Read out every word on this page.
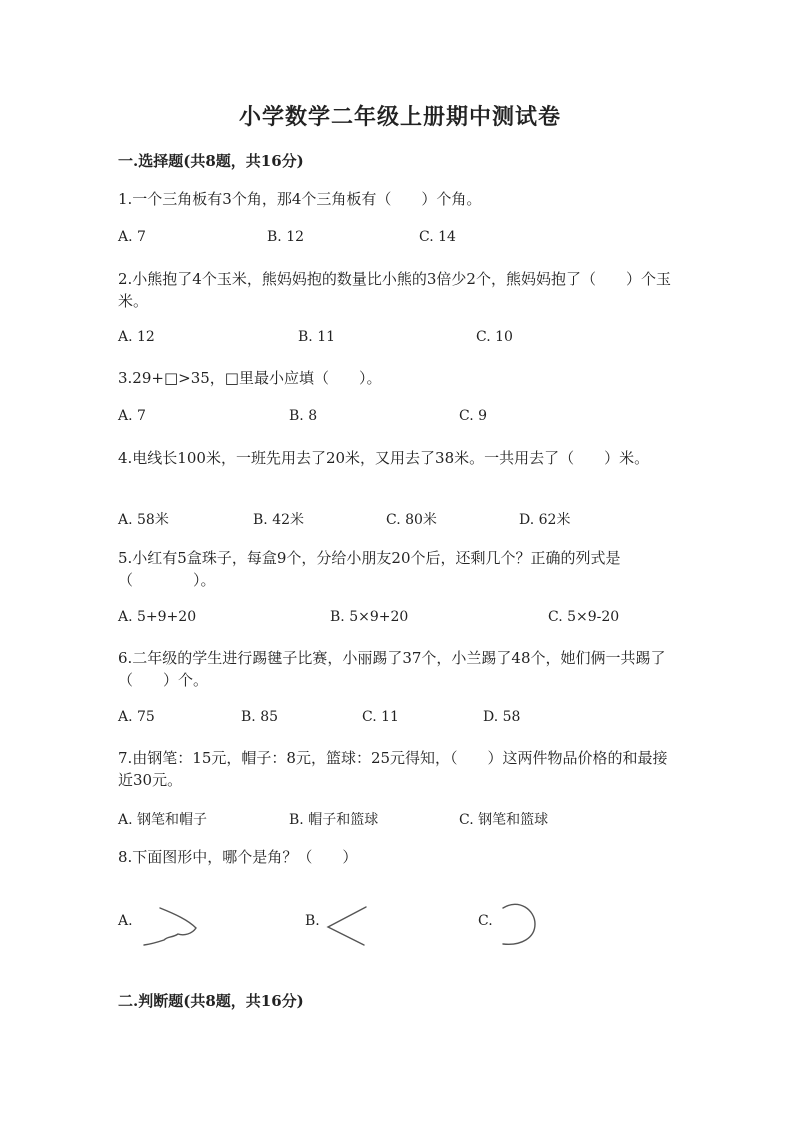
小学数学二年级上册期中测试卷
一.选择题(共8题，共16分)
1.一个三角板有3个角，那4个三角板有（　　）个角。
A. 7	B. 12	C. 14
2.小熊抱了4个玉米，熊妈妈抱的数量比小熊的3倍少2个，熊妈妈抱了（　　）个玉米。
A. 12	B. 11	C. 10
3.29+□>35，□里最小应填（　　）。
A. 7	B. 8	C. 9
4.电线长100米，一班先用去了20米，又用去了38米。一共用去了（　　）米。
A. 58米	B. 42米	C. 80米	D. 62米
5.小红有5盒珠子，每盒9个，分给小朋友20个后，还剩几个？正确的列式是（　　　　）。
A. 5+9+20	B. 5×9+20	C. 5×9-20
6.二年级的学生进行踢毽子比赛，小丽踢了37个，小兰踢了48个，她们俩一共踢了（　　）个。
A. 75	B. 85	C. 11	D. 58
7.由钢笔：15元，帽子：8元，篮球：25元得知，（　　）这两件物品价格的和最接近30元。
A. 钢笔和帽子	B. 帽子和篮球	C. 钢笔和篮球
8.下面图形中，哪个是角？（　　）
A.	B.	C.
二.判断题(共8题，共16分)
